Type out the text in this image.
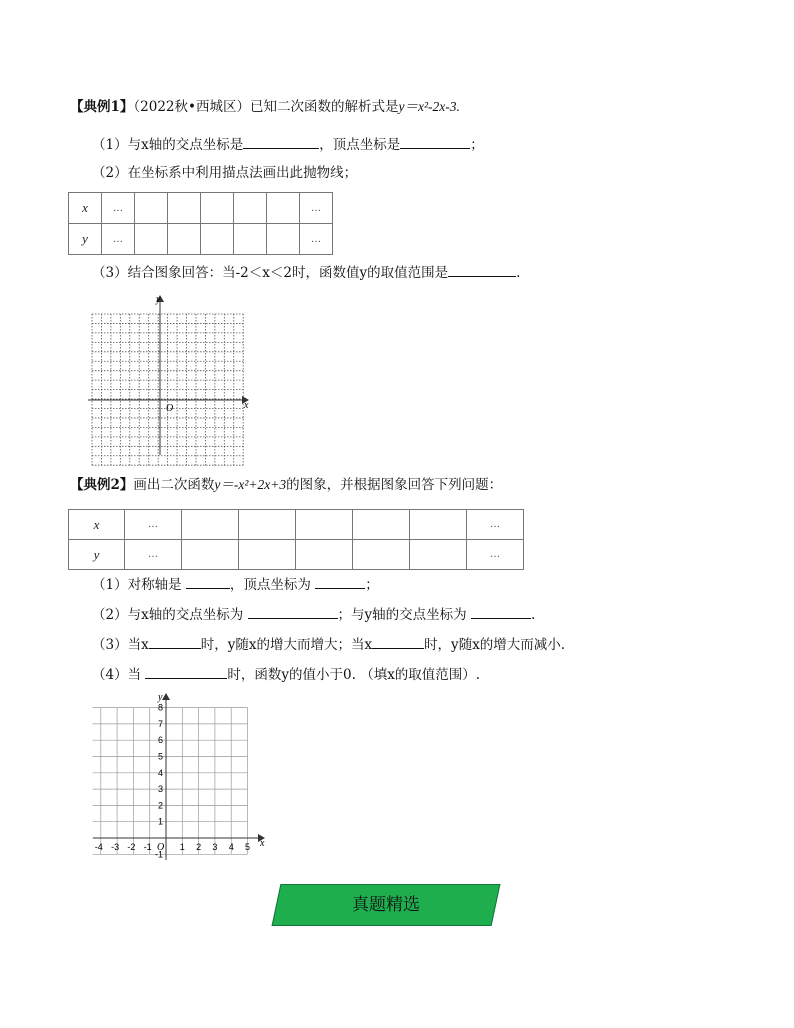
【典例1】（2022秋•西城区）已知二次函数的解析式是y＝x²-2x-3.
（1）与x轴的交点坐标是	，顶点坐标是	；
（2）在坐标系中利用描点法画出此抛物线；
x	…						…
y	…						…
（3）结合图象回答：当-2＜x＜2时，函数值y的取值范围是	.
x
y
O
【典例2】画出二次函数y＝-x²+2x+3的图象，并根据图象回答下列问题：
x	…						…
y	…						…
（1）对称轴是	，顶点坐标为	；
（2）与x轴的交点坐标为	；与y轴的交点坐标为	.
（3）当x	时，y随x的增大而增大；当x	时，y随x的增大而减小.
（4）当	时，函数y的值小于0. （填x的取值范围）.
x
y
O
-4 -3 -2 -1	1 2 3 4 5
1
2
3
4
5
6
7
8
-1
真题精选
